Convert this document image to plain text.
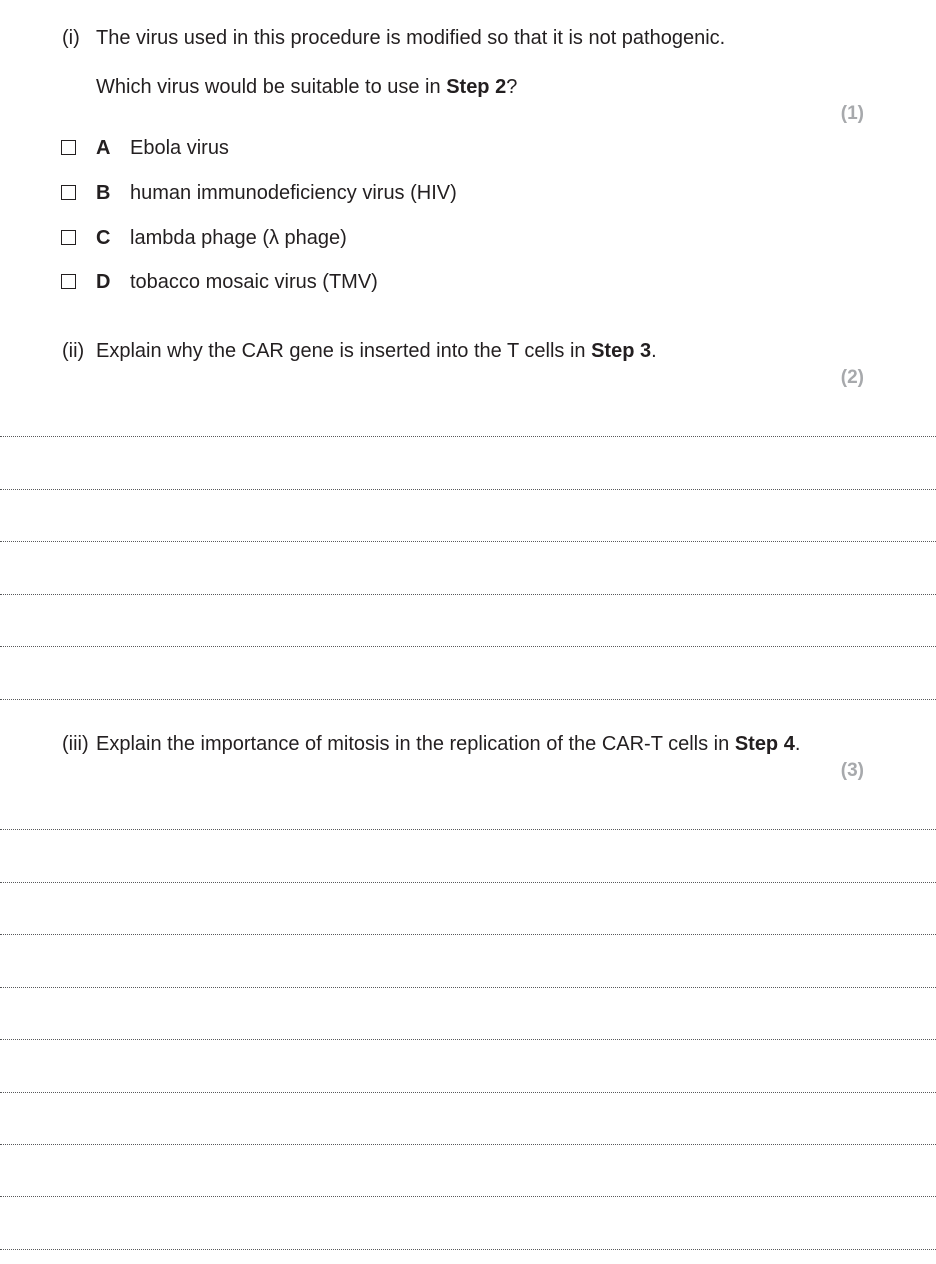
(i) The virus used in this procedure is modified so that it is not pathogenic.
Which virus would be suitable to use in Step 2?
(1)
A Ebola virus
B human immunodeficiency virus (HIV)
C lambda phage (λ phage)
D tobacco mosaic virus (TMV)
(ii) Explain why the CAR gene is inserted into the T cells in Step 3.
(2)
(iii) Explain the importance of mitosis in the replication of the CAR-T cells in Step 4.
(3)
